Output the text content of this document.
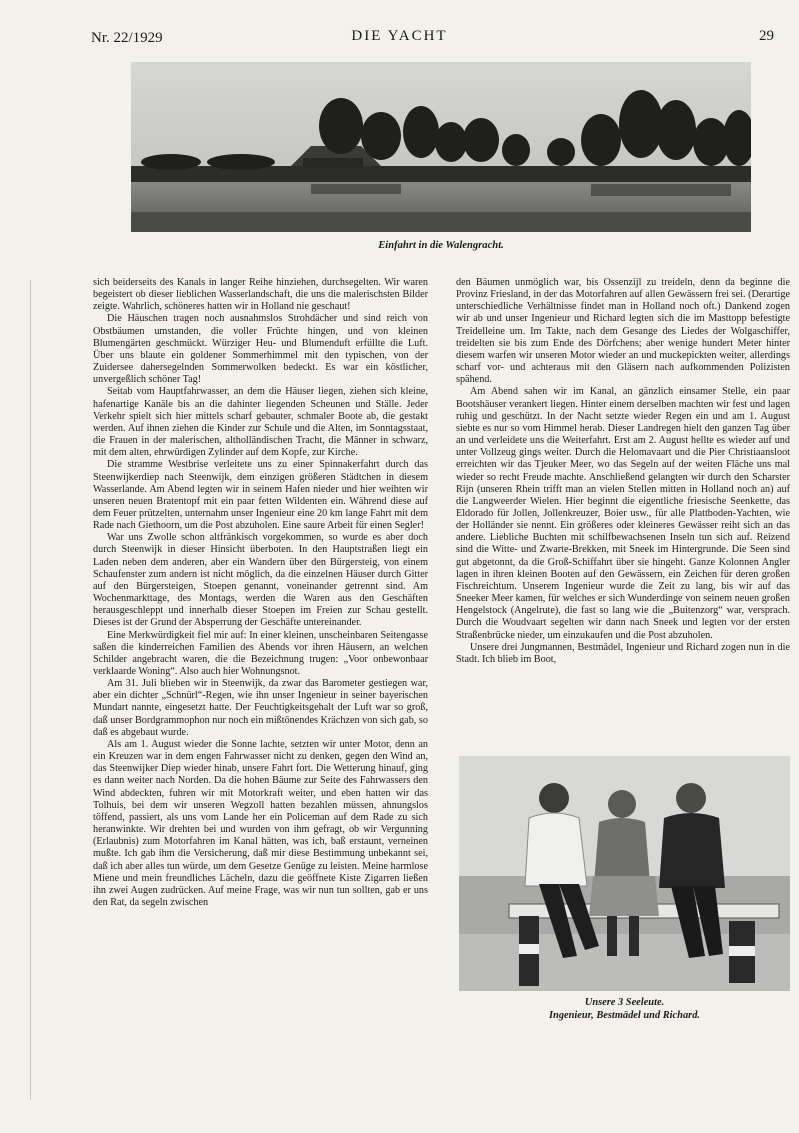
Nr. 22/1929	DIE YACHT	29
Einfahrt in die Walengracht.

sich beiderseits des Kanals in langer Reihe hinziehen, durchsegelten. Wir waren begeistert ob dieser lieblichen Wasserlandschaft, die uns die malerischsten Bilder zeigte. Wahrlich, schöneres hatten wir in Holland nie geschaut!

Die Häuschen tragen noch ausnahmslos Strohdächer und sind reich von Obstbäumen umstanden, die voller Früchte hingen, und von kleinen Blumengärten geschmückt. Würziger Heu- und Blumenduft erfüllte die Luft. Über uns blaute ein goldener Sommerhimmel mit den typischen, von der Zuidersee dahersegelnden Sommerwolken bedeckt. Es war ein köstlicher, unvergeßlich schöner Tag!

Seitab vom Hauptfahrwasser, an dem die Häuser liegen, ziehen sich kleine, hafenartige Kanäle bis an die dahinter liegenden Scheunen und Ställe. Jeder Verkehr spielt sich hier mittels scharf gebauter, schmaler Boote ab, die gestakt werden. Auf ihnen ziehen die Kinder zur Schule und die Alten, im Sonntagsstaat, die Frauen in der malerischen, altholländischen Tracht, die Männer in schwarz, mit dem alten, ehrwürdigen Zylinder auf dem Kopfe, zur Kirche.

Die stramme Westbrise verleitete uns zu einer Spinnakerfahrt durch das Steenwijkerdiep nach Steenwijk, dem einzigen größeren Städtchen in diesem Wasserlande. Am Abend legten wir in seinem Hafen nieder und hier weihten wir unseren neuen Bratentopf mit ein paar fetten Wildenten ein. Während diese auf dem Feuer prützelten, unternahm unser Ingenieur eine 20 km lange Fahrt mit dem Rade nach Giethoorn, um die Post abzuholen. Eine saure Arbeit für einen Segler!

War uns Zwolle schon altfränkisch vorgekommen, so wurde es aber doch durch Steenwijk in dieser Hinsicht überboten. In den Hauptstraßen liegt ein Laden neben dem anderen, aber ein Wandern über den Bürgersteig, von einem Schaufenster zum andern ist nicht möglich, da die einzelnen Häuser durch Gitter auf den Bürgersteigen, Stoepen genannt, voneinander getrennt sind. Am Wochenmarkttage, des Montags, werden die Waren aus den Geschäften herausgeschleppt und innerhalb dieser Stoepen im Freien zur Schau gestellt. Dieses ist der Grund der Absperrung der Geschäfte untereinander.

Eine Merkwürdigkeit fiel mir auf: In einer kleinen, unscheinbaren Seitengasse saßen die kinderreichen Familien des Abends vor ihren Häusern, an welchen Schilder angebracht waren, die die Bezeichnung trugen: „Voor onbewonbaar verklaarde Woning“. Also auch hier Wohnungsnot.

Am 31. Juli blieben wir in Steenwijk, da zwar das Barometer gestiegen war, aber ein dichter „Schnürl“-Regen, wie ihn unser Ingenieur in seiner bayerischen Mundart nannte, eingesetzt hatte. Der Feuchtigkeitsgehalt der Luft war so groß, daß unser Bordgrammophon nur noch ein mißtönendes Krächzen von sich gab, so daß es abgebaut wurde.

Als am 1. August wieder die Sonne lachte, setzten wir unter Motor, denn an ein Kreuzen war in dem engen Fahrwasser nicht zu denken, gegen den Wind an, das Steenwijker Diep wieder hinab, unsere Fahrt fort. Die Wetterung hinauf, ging es dann weiter nach Norden. Da die hohen Bäume zur Seite des Fahrwassers den Wind abdeckten, fuhren wir mit Motorkraft weiter, und eben hatten wir das Tolhuis, bei dem wir unseren Wegzoll hatten bezahlen müssen, ahnungslos töffend, passiert, als uns vom Lande her ein Policeman auf dem Rade zu sich heranwinkte. Wir drehten bei und wurden von ihm gefragt, ob wir Vergunning (Erlaubnis) zum Motorfahren im Kanal hätten, was ich, baß erstaunt, verneinen mußte. Ich gab ihm die Versicherung, daß mir diese Bestimmung unbekannt sei, daß ich aber alles tun würde, um dem Gesetze Genüge zu leisten. Meine harmlose Miene und mein freundliches Lächeln, dazu die geöffnete Kiste Zigarren ließen ihn zwei Augen zudrücken. Auf meine Frage, was wir nun tun sollten, gab er uns den Rat, da segeln zwischen

den Bäumen unmöglich war, bis Ossenzijl zu treideln, denn da beginne die Provinz Friesland, in der das Motorfahren auf allen Gewässern frei sei. (Derartige unterschiedliche Verhältnisse findet man in Holland noch oft.) Dankend zogen wir ab und unser Ingenieur und Richard legten sich die im Masttopp befestigte Treidelleine um. Im Takte, nach dem Gesange des Liedes der Wolgaschiffer, treidelten sie bis zum Ende des Dörfchens; aber wenige hundert Meter hinter diesem warfen wir unseren Motor wieder an und muckepickten weiter, allerdings scharf vor- und achteraus mit den Gläsern nach aufkommenden Polizisten spähend.

Am Abend sahen wir im Kanal, an gänzlich einsamer Stelle, ein paar Bootshäuser verankert liegen. Hinter einem derselben machten wir fest und lagen ruhig und geschützt. In der Nacht setzte wieder Regen ein und am 1. August siebte es nur so vom Himmel herab. Dieser Landregen hielt den ganzen Tag über an und verleidete uns die Weiterfahrt. Erst am 2. August hellte es wieder auf und unter Vollzeug gings weiter. Durch die Helomavaart und die Pier Christiaansloot erreichten wir das Tjeuker Meer, wo das Segeln auf der weiten Fläche uns mal wieder so recht Freude machte. Anschließend gelangten wir durch den Scharster Rijn (unseren Rhein trifft man an vielen Stellen mitten in Holland noch an) auf die Langweerder Wielen. Hier beginnt die eigentliche friesische Seenkette, das Eldorado für Jollen, Jollenkreuzer, Boier usw., für alle Plattboden-Yachten, wie der Holländer sie nennt. Ein größeres oder kleineres Gewässer reiht sich an das andere. Liebliche Buchten mit schilfbewachsenen Inseln tun sich auf. Reizend sind die Witte- und Zwarte-Brekken, mit Sneek im Hintergrunde. Die Seen sind gut abgetonnt, da die Groß-Schiffahrt über sie hingeht. Ganze Kolonnen Angler lagen in ihren kleinen Booten auf den Gewässern, ein Zeichen für deren großen Fischreichtum. Unserem Ingenieur wurde die Zeit zu lang, bis wir auf das Sneeker Meer kamen, für welches er sich Wunderdinge von seinem neuen großen Hengelstock (Angelrute), die fast so lang wie die „Buitenzorg“ war, versprach. Durch die Woudvaart segelten wir dann nach Sneek und legten vor der ersten Straßenbrücke nieder, um einzukaufen und die Post abzuholen.

Unsere drei Jungmannen, Bestmädel, Ingenieur und Richard zogen nun in die Stadt. Ich blieb im Boot,

Unsere 3 Seeleute.
Ingenieur, Bestmädel und Richard.
